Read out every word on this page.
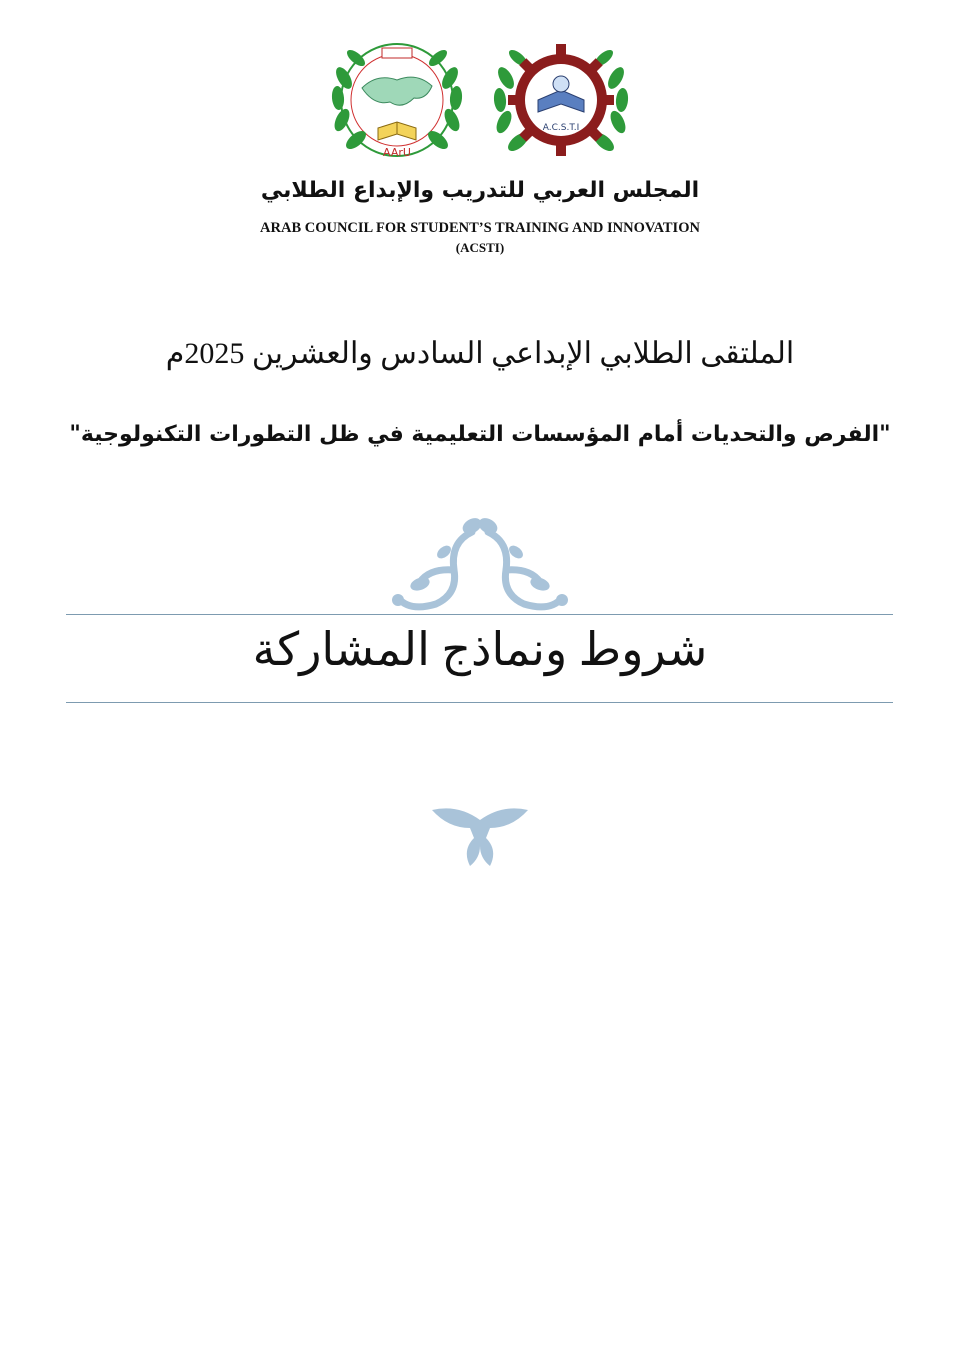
AArU
A.C.S.T.I
المجلس العربي للتدريب والإبداع الطلابي
ARAB COUNCIL FOR STUDENT’S TRAINING AND INNOVATION
(ACSTI)
الملتقى الطلابي الإبداعي السادس والعشرين 2025م
"الفرص والتحديات أمام المؤسسات التعليمية في ظل التطورات التكنولوجية"
شروط ونماذج المشاركة
